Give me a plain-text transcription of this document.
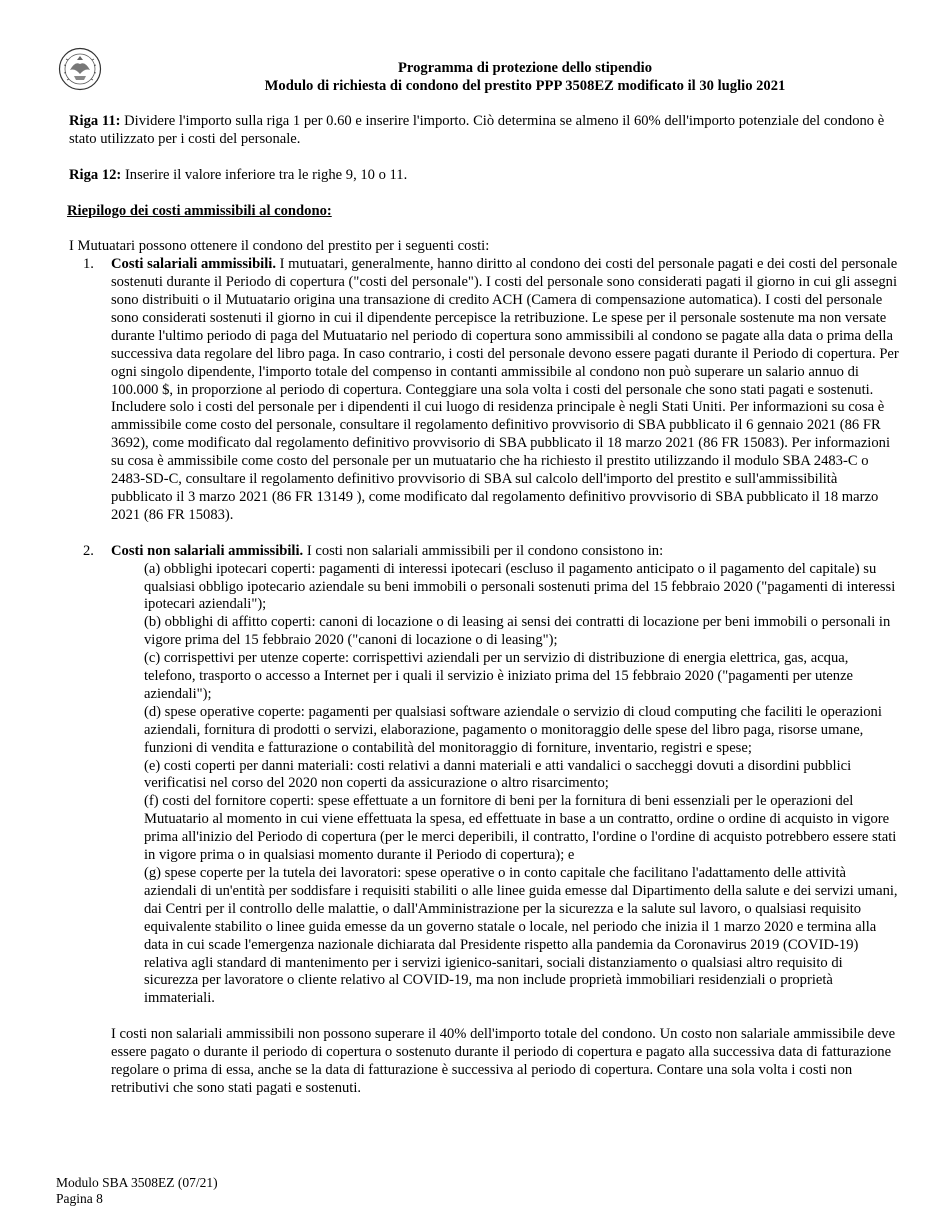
Programma di protezione dello stipendio
Modulo di richiesta di condono del prestito PPP 3508EZ modificato il 30 luglio 2021

Riga 11: Dividere l'importo sulla riga 1 per 0.60 e inserire l'importo. Ciò determina se almeno il 60% dell'importo potenziale del condono è stato utilizzato per i costi del personale.

Riga 12: Inserire il valore inferiore tra le righe 9, 10 o 11.

Riepilogo dei costi ammissibili al condono:

I Mutuatari possono ottenere il condono del prestito per i seguenti costi:

1. Costi salariali ammissibili. I mutuatari, generalmente, hanno diritto al condono dei costi del personale pagati e dei costi del personale sostenuti durante il Periodo di copertura ("costi del personale"). I costi del personale sono considerati pagati il giorno in cui gli assegni sono distribuiti o il Mutuatario origina una transazione di credito ACH (Camera di compensazione automatica). I costi del personale sono considerati sostenuti il giorno in cui il dipendente percepisce la retribuzione. Le spese per il personale sostenute ma non versate durante l'ultimo periodo di paga del Mutuatario nel periodo di copertura sono ammissibili al condono se pagate alla data o prima della successiva data regolare del libro paga. In caso contrario, i costi del personale devono essere pagati durante il Periodo di copertura. Per ogni singolo dipendente, l'importo totale del compenso in contanti ammissibile al condono non può superare un salario annuo di 100.000 $, in proporzione al periodo di copertura. Conteggiare una sola volta i costi del personale che sono stati pagati e sostenuti. Includere solo i costi del personale per i dipendenti il cui luogo di residenza principale è negli Stati Uniti. Per informazioni su cosa è ammissibile come costo del personale, consultare il regolamento definitivo provvisorio di SBA pubblicato il 6 gennaio 2021 (86 FR 3692), come modificato dal regolamento definitivo provvisorio di SBA pubblicato il 18 marzo 2021 (86 FR 15083). Per informazioni su cosa è ammissibile come costo del personale per un mutuatario che ha richiesto il prestito utilizzando il modulo SBA 2483-C o 2483-SD-C, consultare il regolamento definitivo provvisorio di SBA sul calcolo dell'importo del prestito e sull'ammissibilità pubblicato il 3 marzo 2021 (86 FR 13149 ), come modificato dal regolamento definitivo provvisorio di SBA pubblicato il 18 marzo 2021 (86 FR 15083).

2. Costi non salariali ammissibili. I costi non salariali ammissibili per il condono consistono in:

(a) obblighi ipotecari coperti: pagamenti di interessi ipotecari (escluso il pagamento anticipato o il pagamento del capitale) su qualsiasi obbligo ipotecario aziendale su beni immobili o personali sostenuti prima del 15 febbraio 2020 ("pagamenti di interessi ipotecari aziendali");

(b) obblighi di affitto coperti: canoni di locazione o di leasing ai sensi dei contratti di locazione per beni immobili o personali in vigore prima del 15 febbraio 2020 ("canoni di locazione o di leasing");

(c) corrispettivi per utenze coperte: corrispettivi aziendali per un servizio di distribuzione di energia elettrica, gas, acqua, telefono, trasporto o accesso a Internet per i quali il servizio è iniziato prima del 15 febbraio 2020 ("pagamenti per utenze aziendali");

(d) spese operative coperte: pagamenti per qualsiasi software aziendale o servizio di cloud computing che faciliti le operazioni aziendali, fornitura di prodotti o servizi, elaborazione, pagamento o monitoraggio delle spese del libro paga, risorse umane, funzioni di vendita e fatturazione o contabilità del monitoraggio di forniture, inventario, registri e spese;

(e) costi coperti per danni materiali: costi relativi a danni materiali e atti vandalici o saccheggi dovuti a disordini pubblici verificatisi nel corso del 2020 non coperti da assicurazione o altro risarcimento;

(f) costi del fornitore coperti: spese effettuate a un fornitore di beni per la fornitura di beni essenziali per le operazioni del Mutuatario al momento in cui viene effettuata la spesa, ed effettuate in base a un contratto, ordine o ordine di acquisto in vigore prima all'inizio del Periodo di copertura (per le merci deperibili, il contratto, l'ordine o l'ordine di acquisto potrebbero essere stati in vigore prima o in qualsiasi momento durante il Periodo di copertura); e

(g) spese coperte per la tutela dei lavoratori: spese operative o in conto capitale che facilitano l'adattamento delle attività aziendali di un'entità per soddisfare i requisiti stabiliti o alle linee guida emesse dal Dipartimento della salute e dei servizi umani, dai Centri per il controllo delle malattie, o dall'Amministrazione per la sicurezza e la salute sul lavoro, o qualsiasi requisito equivalente stabilito o linee guida emesse da un governo statale o locale, nel periodo che inizia il 1 marzo 2020 e termina alla data in cui scade l'emergenza nazionale dichiarata dal Presidente rispetto alla pandemia da Coronavirus 2019 (COVID-19) relativa agli standard di mantenimento per i servizi igienico-sanitari, sociali distanziamento o qualsiasi altro requisito di sicurezza per lavoratore o cliente relativo al COVID-19, ma non include proprietà immobiliari residenziali o proprietà immateriali.

I costi non salariali ammissibili non possono superare il 40% dell'importo totale del condono. Un costo non salariale ammissibile deve essere pagato o durante il periodo di copertura o sostenuto durante il periodo di copertura e pagato alla successiva data di fatturazione regolare o prima di essa, anche se la data di fatturazione è successiva al periodo di copertura. Contare una sola volta i costi non retributivi che sono stati pagati e sostenuti.

Modulo SBA 3508EZ (07/21)
Pagina 8
